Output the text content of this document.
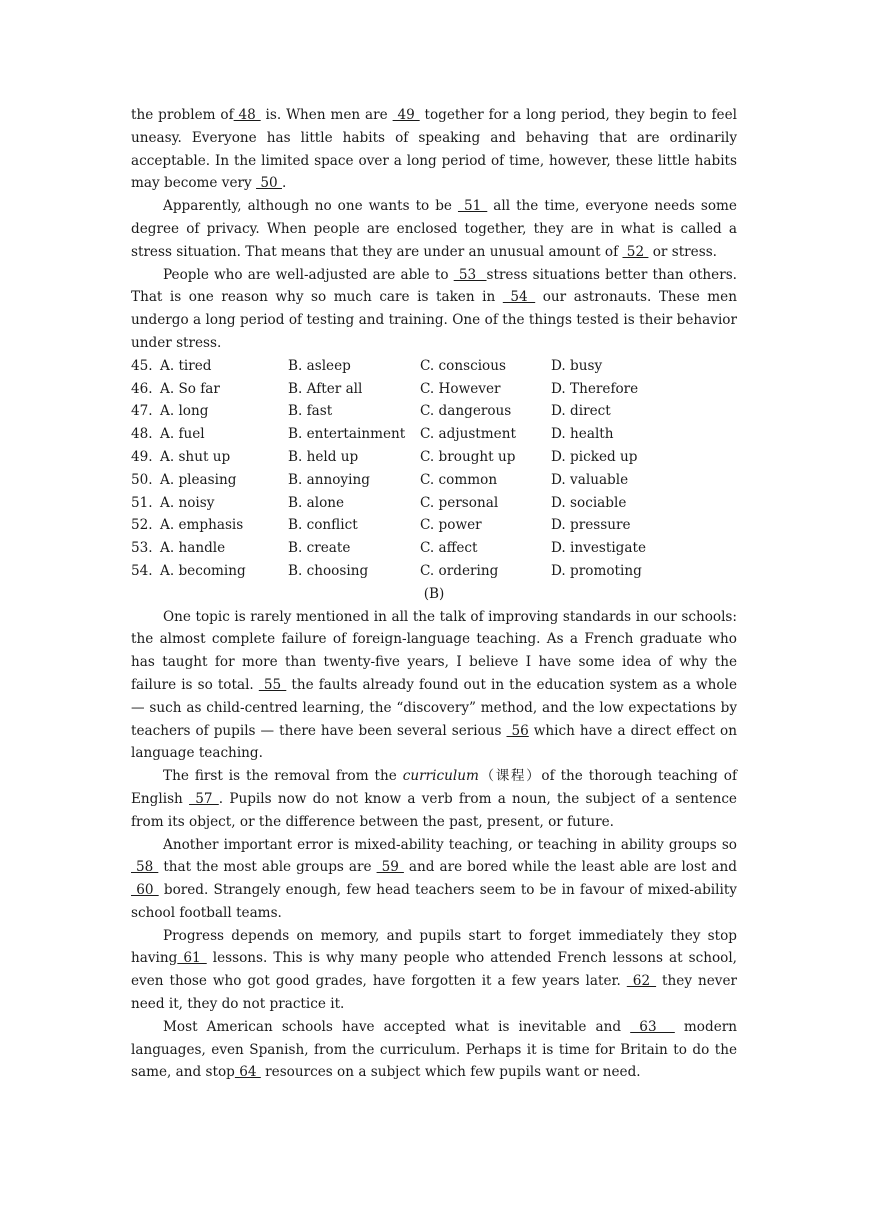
the problem of 48  is. When men are  49  together for a long period, they begin to feel uneasy. Everyone has little habits of speaking and behaving that are ordinarily acceptable. In the limited space over a long period of time, however, these little habits may become very  50 .

Apparently, although no one wants to be  51  all the time, everyone needs some degree of privacy. When people are enclosed together, they are in what is called a stress situation. That means that they are under an unusual amount of  52  or stress.

People who are well-adjusted are able to  53  stress situations better than others. That is one reason why so much care is taken in  54  our astronauts. These men undergo a long period of testing and training. One of the things tested is their behavior under stress.

45. A. tired	B. asleep	C. conscious	D. busy
46. A. So far	B. After all	C. However	D. Therefore
47. A. long	B. fast	C. dangerous	D. direct
48. A. fuel	B. entertainment	C. adjustment	D. health
49. A. shut up	B. held up	C. brought up	D. picked up
50. A. pleasing	B. annoying	C. common	D. valuable
51. A. noisy	B. alone	C. personal	D. sociable
52. A. emphasis	B. conflict	C. power	D. pressure
53. A. handle	B. create	C. affect	D. investigate
54. A. becoming	B. choosing	C. ordering	D. promoting
(B)

One topic is rarely mentioned in all the talk of improving standards in our schools: the almost complete failure of foreign-language teaching. As a French graduate who has taught for more than twenty-five years, I believe I have some idea of why the failure is so total.  55  the faults already found out in the education system as a whole — such as child-centred learning, the “discovery” method, and the low expectations by teachers of pupils — there have been several serious  56 which have a direct effect on language teaching.

The first is the removal from the curriculum（课程）of the thorough teaching of English  57 . Pupils now do not know a verb from a noun, the subject of a sentence from its object, or the difference between the past, present, or future.

Another important error is mixed-ability teaching, or teaching in ability groups so  58  that the most able groups are  59  and are bored while the least able are lost and  60  bored. Strangely enough, few head teachers seem to be in favour of mixed-ability school football teams.

Progress depends on memory, and pupils start to forget immediately they stop having 61  lessons. This is why many people who attended French lessons at school, even those who got good grades, have forgotten it a few years later.  62  they never need it, they do not practice it.

Most American schools have accepted what is inevitable and  63   modern languages, even Spanish, from the curriculum. Perhaps it is time for Britain to do the same, and stop 64  resources on a subject which few pupils want or need.
